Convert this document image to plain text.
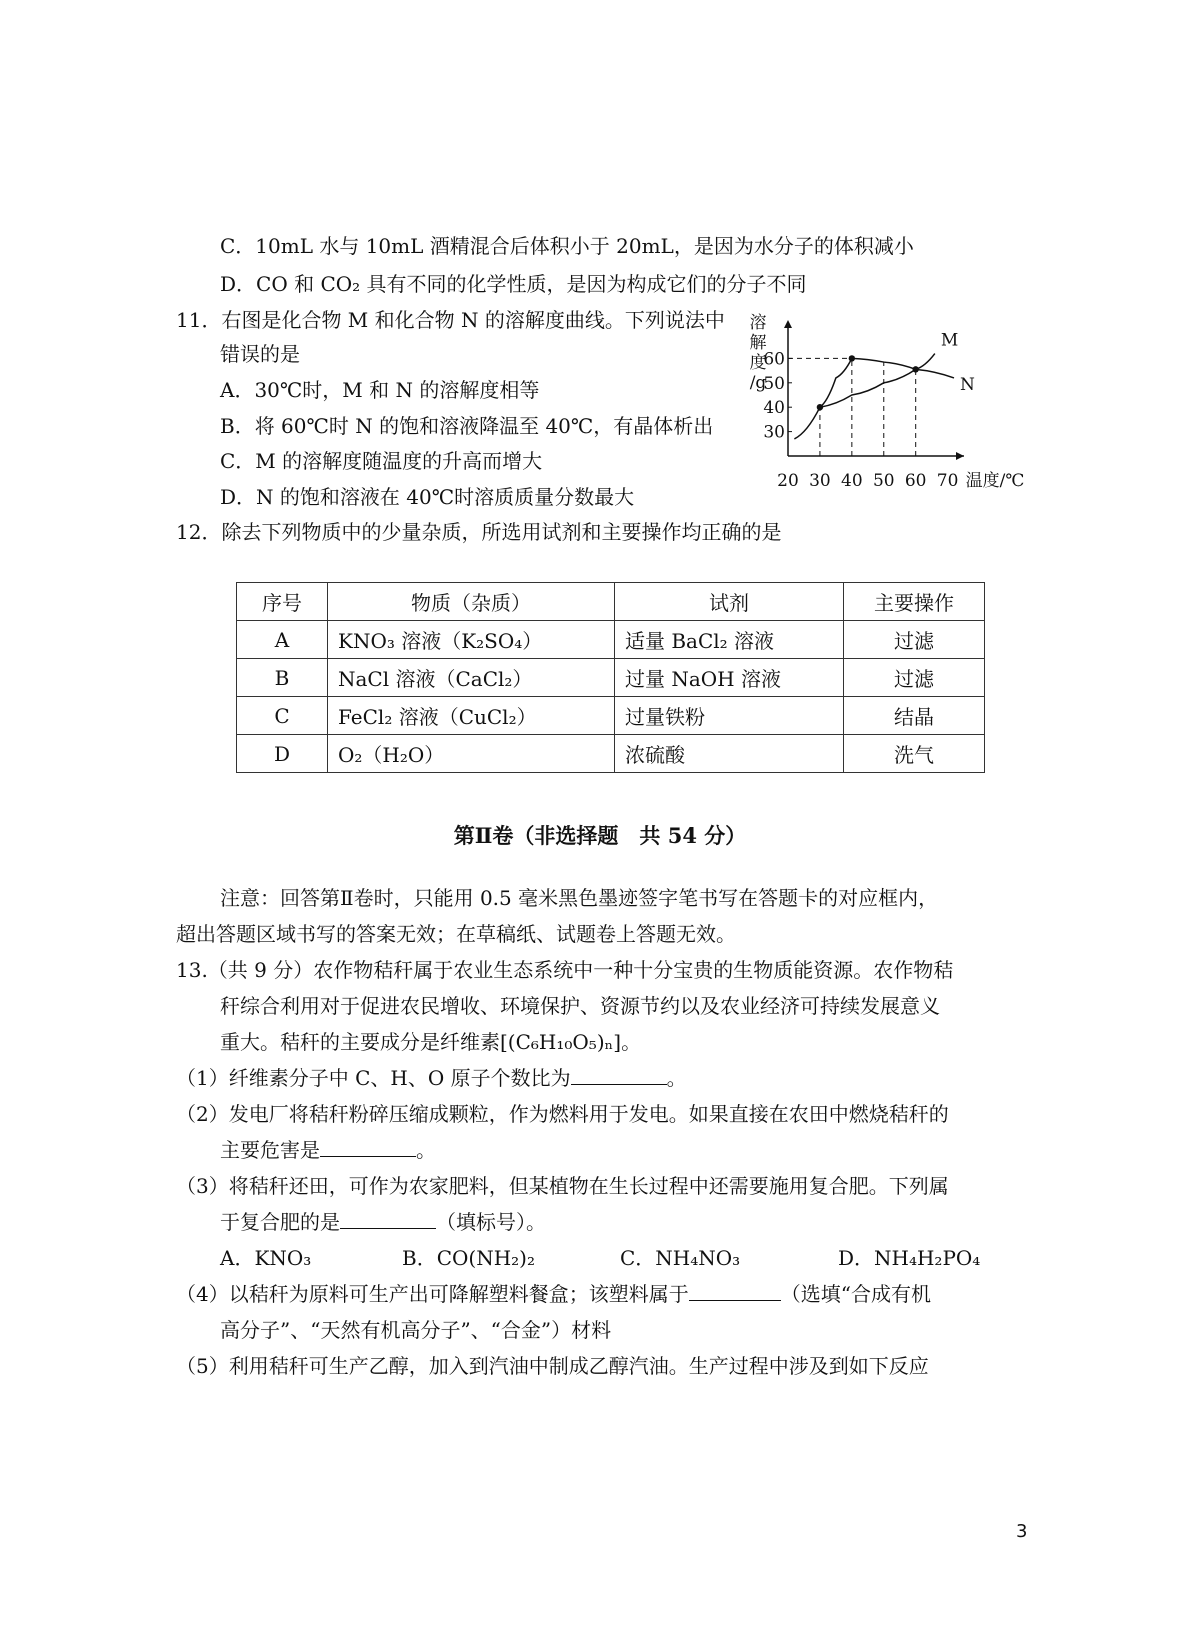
C．10mL 水与 10mL 酒精混合后体积小于 20mL，是因为水分子的体积减小
D．CO 和 CO₂ 具有不同的化学性质，是因为构成它们的分子不同
11．右图是化合物 M 和化合物 N 的溶解度曲线。下列说法中
错误的是
A．30℃时，M 和 N 的溶解度相等
B．将 60℃时 N 的饱和溶液降温至 40℃，有晶体析出
C．M 的溶解度随温度的升高而增大
D．N 的饱和溶液在 40℃时溶质质量分数最大
溶
解
度
/g
30
40
50
60
20 30 40 50 60 70 温度/℃
M
N
12．除去下列物质中的少量杂质，所选用试剂和主要操作均正确的是
序号	物质（杂质）	试剂	主要操作
A	KNO₃ 溶液（K₂SO₄）	适量 BaCl₂ 溶液	过滤
B	NaCl 溶液（CaCl₂）	过量 NaOH 溶液	过滤
C	FeCl₂ 溶液（CuCl₂）	过量铁粉	结晶
D	O₂（H₂O）	浓硫酸	洗气
第Ⅱ卷（非选择题　共 54 分）
注意：回答第Ⅱ卷时，只能用 0.5 毫米黑色墨迹签字笔书写在答题卡的对应框内，
超出答题区域书写的答案无效；在草稿纸、试题卷上答题无效。
13.（共 9 分）农作物秸秆属于农业生态系统中一种十分宝贵的生物质能资源。农作物秸
秆综合利用对于促进农民增收、环境保护、资源节约以及农业经济可持续发展意义
重大。秸秆的主要成分是纤维素[(C₆H₁₀O₅)ₙ]。
（1）纤维素分子中 C、H、O 原子个数比为	。
（2）发电厂将秸秆粉碎压缩成颗粒，作为燃料用于发电。如果直接在农田中燃烧秸秆的
主要危害是	。
（3）将秸秆还田，可作为农家肥料，但某植物在生长过程中还需要施用复合肥。下列属
于复合肥的是	（填标号）。
A．KNO₃	B．CO(NH₂)₂	C．NH₄NO₃	D．NH₄H₂PO₄
（4）以秸秆为原料可生产出可降解塑料餐盒；该塑料属于	（选填“合成有机
高分子”、“天然有机高分子”、“合金”）材料
（5）利用秸秆可生产乙醇，加入到汽油中制成乙醇汽油。生产过程中涉及到如下反应
3
